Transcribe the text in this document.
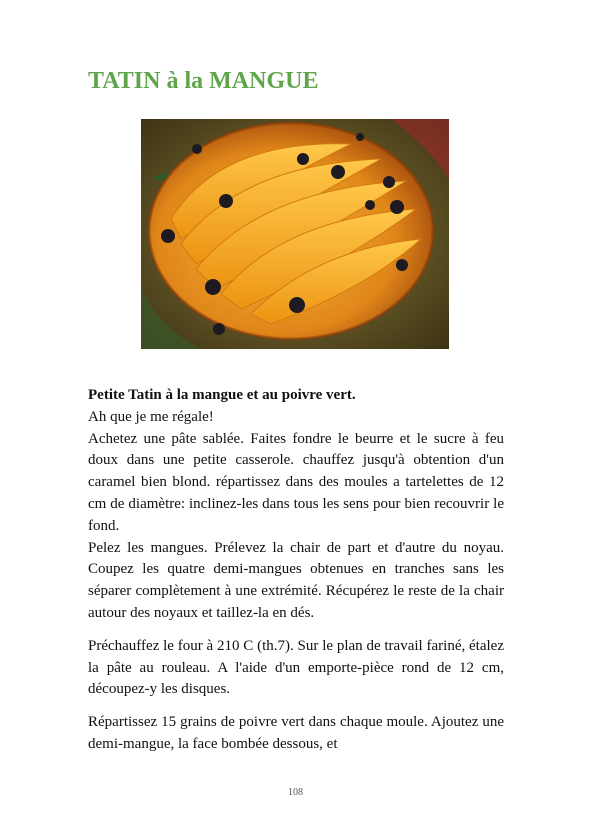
TATIN à la MANGUE

Petite Tatin à la mangue et au poivre vert.

Ah que je me régale!

Achetez une pâte sablée. Faites fondre le beurre et le sucre à feu doux dans une petite casserole. chauffez jusqu'à obtention d'un caramel bien blond. répartissez dans des moules a tartelettes de 12 cm de diamètre: inclinez-les dans tous les sens pour bien recouvrir le fond.

Pelez les mangues. Prélevez la chair de part et d'autre du noyau. Coupez les quatre demi-mangues obtenues en tranches sans les séparer complètement à une extrémité. Récupérez le reste de la chair autour des noyaux et taillez-la en dés.

Préchauffez le four à 210 C (th.7). Sur le plan de travail fariné, étalez la pâte au rouleau. A l'aide d'un emporte-pièce rond de 12 cm, découpez-y les disques.

Répartissez 15 grains de poivre vert dans chaque moule. Ajoutez une demi-mangue, la face bombée dessous, et

108
